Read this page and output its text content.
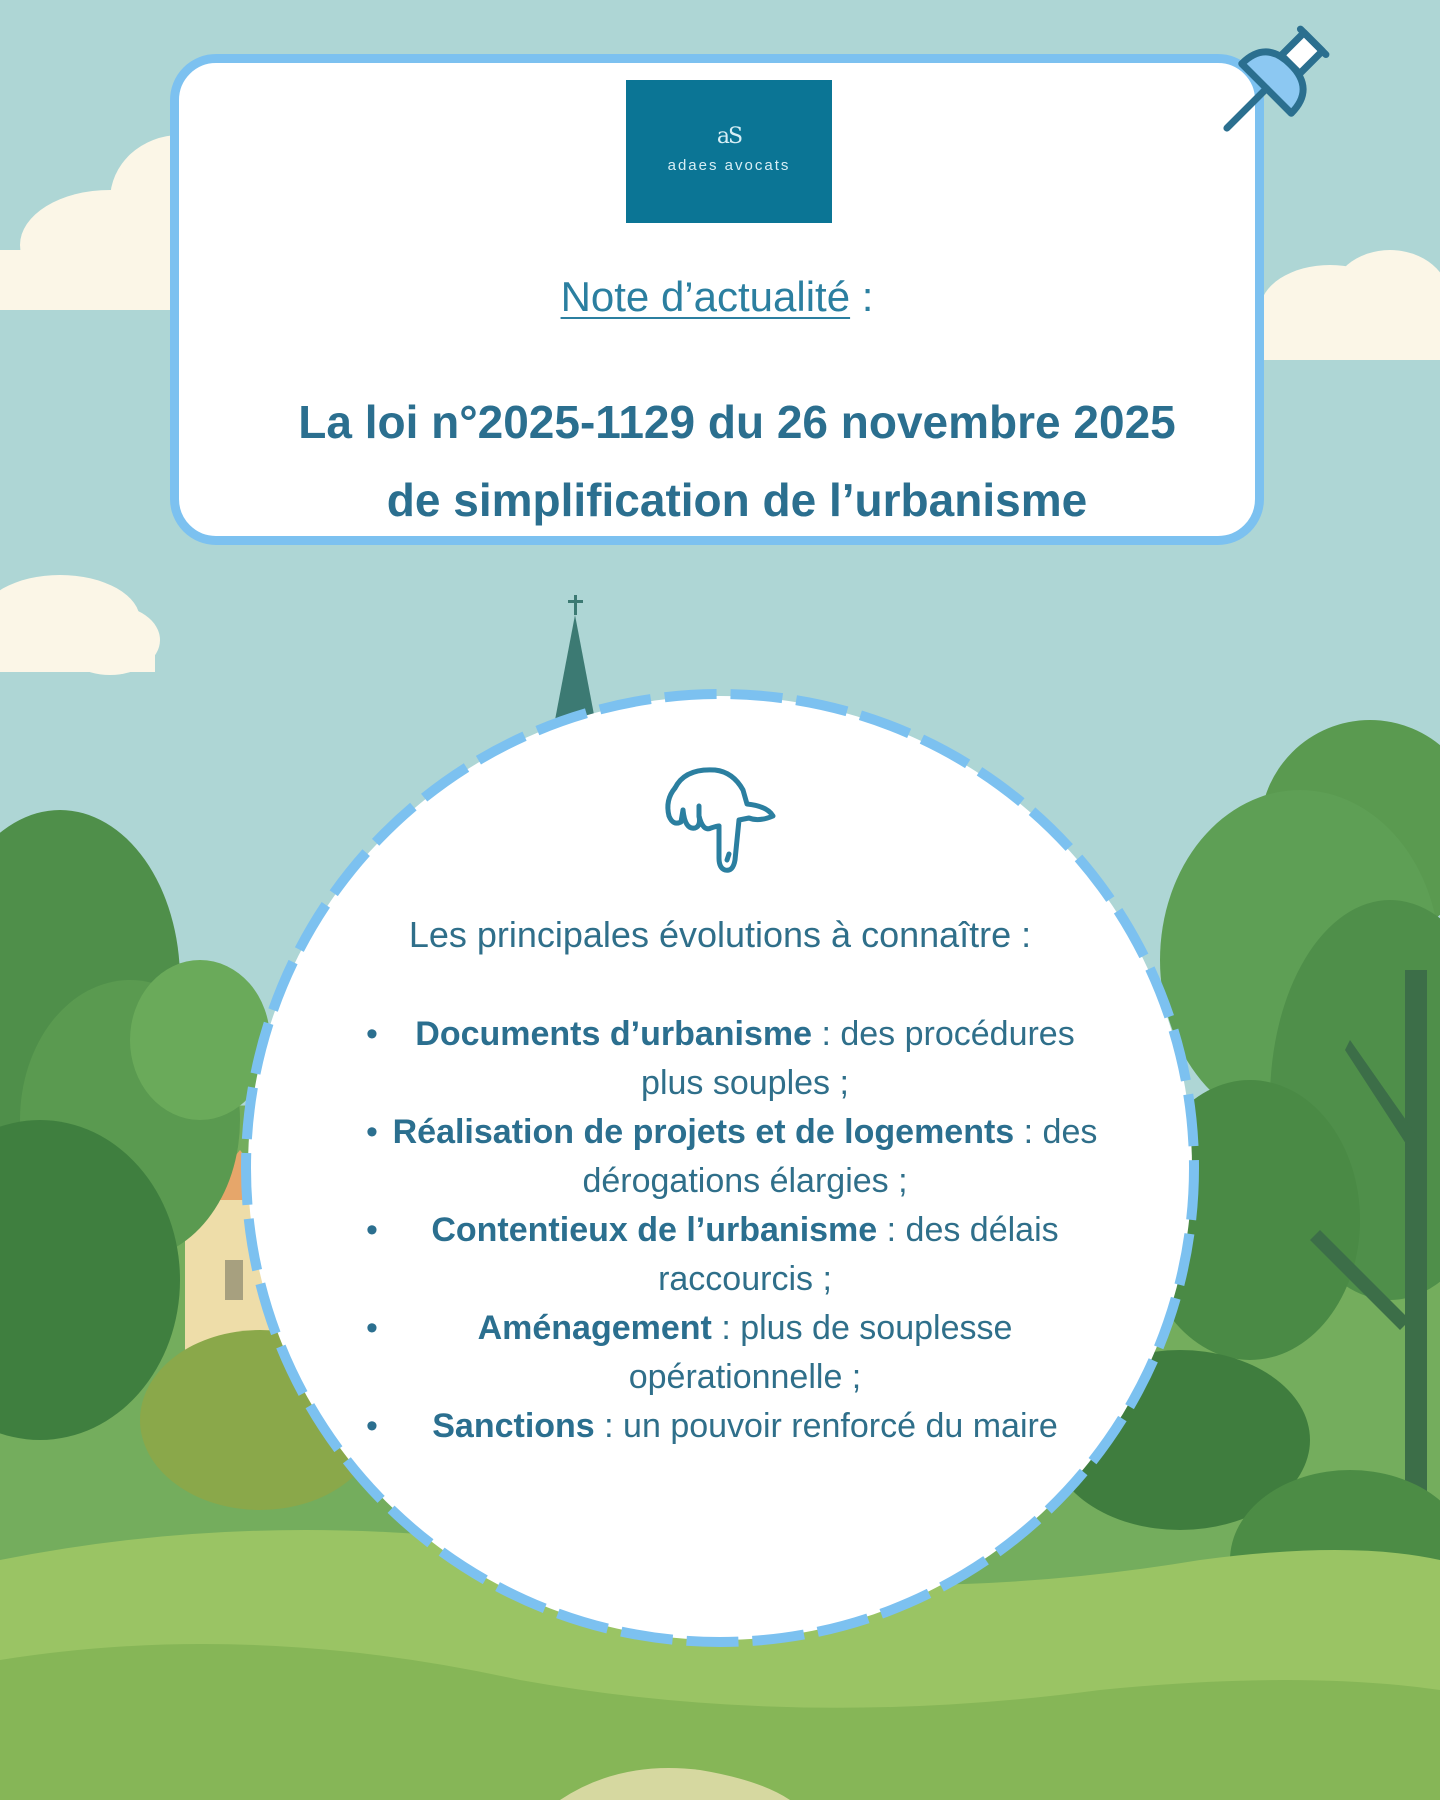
aS
adaes avocats
Note d’actualité :
La loi n°2025-1129 du 26 novembre 2025
de simplification de l’urbanisme
Les principales évolutions à connaître :
• Documents d’urbanisme : des procédures plus souples ;
• Réalisation de projets et de logements : des dérogations élargies ;
• Contentieux de l’urbanisme : des délais raccourcis ;
•	Aménagement : plus de souplesse opérationnelle ;
• Sanctions : un pouvoir renforcé du maire
